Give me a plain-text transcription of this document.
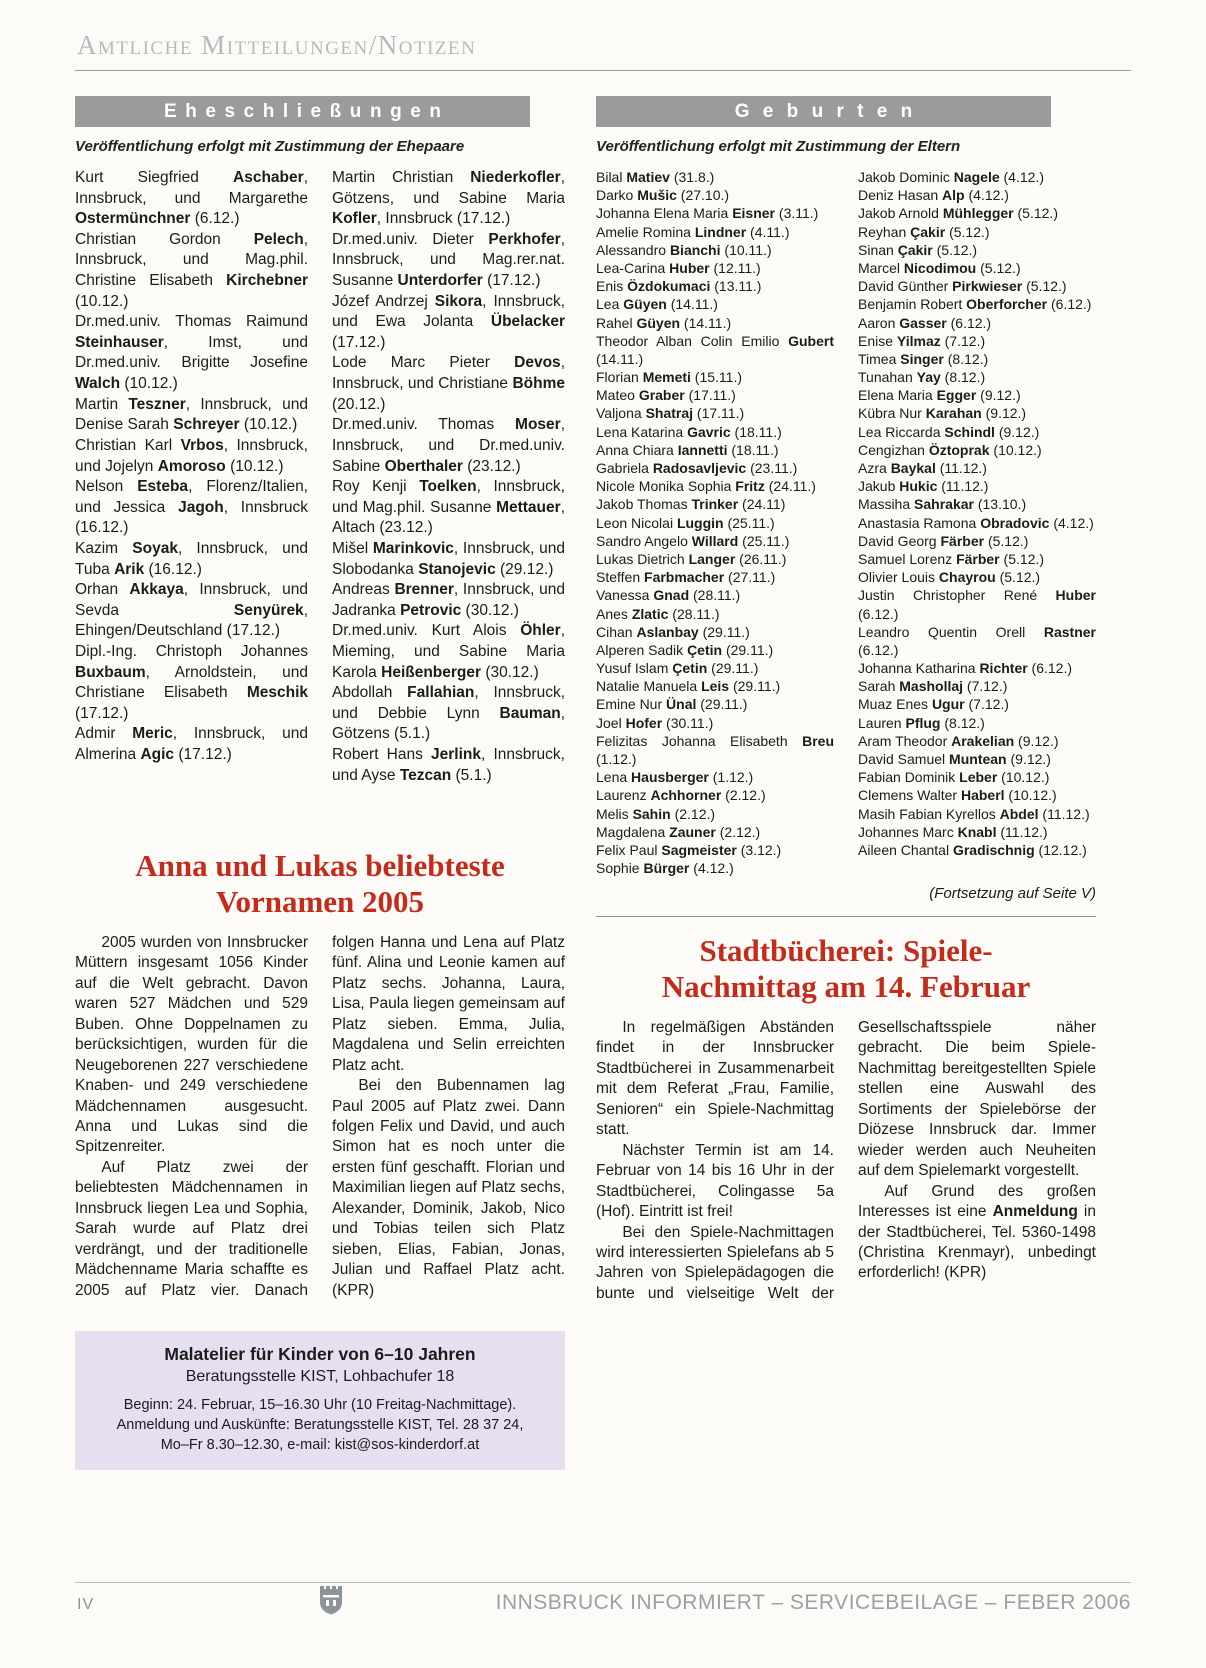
Amtliche Mitteilungen/Notizen
Eheschließungen

Veröffentlichung erfolgt mit Zustimmung der Ehepaare

Kurt Siegfried Aschaber, Innsbruck, und Margarethe Ostermünchner (6.12.)

Christian Gordon Pelech, Innsbruck, und Mag.phil. Christine Elisabeth Kirchebner (10.12.)

Dr.med.univ. Thomas Raimund Steinhauser, Imst, und Dr.med.univ. Brigitte Josefine Walch (10.12.)

Martin Teszner, Innsbruck, und Denise Sarah Schreyer (10.12.)

Christian Karl Vrbos, Innsbruck, und Jojelyn Amoroso (10.12.)

Nelson Esteba, Florenz/Italien, und Jessica Jagoh, Innsbruck (16.12.)

Kazim Soyak, Innsbruck, und Tuba Arik (16.12.)

Orhan Akkaya, Innsbruck, und Sevda Senyürek, Ehingen/Deutschland (17.12.)

Dipl.-Ing. Christoph Johannes Buxbaum, Arnoldstein, und Christiane Elisabeth Meschik (17.12.)

Admir Meric, Innsbruck, und Almerina Agic (17.12.)

Martin Christian Niederkofler, Götzens, und Sabine Maria Kofler, Innsbruck (17.12.)

Dr.med.univ. Dieter Perkhofer, Innsbruck, und Mag.rer.nat. Susanne Unterdorfer (17.12.)

Józef Andrzej Sikora, Innsbruck, und Ewa Jolanta Übelacker (17.12.)

Lode Marc Pieter Devos, Innsbruck, und Christiane Böhme (20.12.)

Dr.med.univ. Thomas Moser, Innsbruck, und Dr.med.univ. Sabine Oberthaler (23.12.)

Roy Kenji Toelken, Innsbruck, und Mag.phil. Susanne Mettauer, Altach (23.12.)

Mišel Marinkovic, Innsbruck, und Slobodanka Stanojevic (29.12.)

Andreas Brenner, Innsbruck, und Jadranka Petrovic (30.12.)

Dr.med.univ. Kurt Alois Öhler, Mieming, und Sabine Maria Karola Heißenberger (30.12.)

Abdollah Fallahian, Innsbruck, und Debbie Lynn Bauman, Götzens (5.1.)

Robert Hans Jerlink, Innsbruck, und Ayse Tezcan (5.1.)

Anna und Lukas beliebteste
Vornamen 2005

2005 wurden von Innsbrucker Müttern insgesamt 1056 Kinder auf die Welt gebracht. Davon waren 527 Mädchen und 529 Buben. Ohne Doppelnamen zu berücksichtigen, wurden für die Neugeborenen 227 verschiedene Knaben- und 249 verschiedene Mädchennamen ausgesucht. Anna und Lukas sind die Spitzenreiter.

Auf Platz zwei der beliebtesten Mädchennamen in Innsbruck liegen Lea und Sophia, Sarah wurde auf Platz drei verdrängt, und der traditionelle Mädchenname Maria schaffte es 2005 auf Platz vier. Danach folgen Hanna und Lena auf Platz fünf. Alina und Leonie kamen auf Platz sechs. Johanna, Laura, Lisa, Paula liegen gemeinsam auf Platz sieben. Emma, Julia, Magdalena und Selin erreichten Platz acht.

Bei den Bubennamen lag Paul 2005 auf Platz zwei. Dann folgen Felix und David, und auch Simon hat es noch unter die ersten fünf geschafft. Florian und Maximilian liegen auf Platz sechs, Alexander, Dominik, Jakob, Nico und Tobias teilen sich Platz sieben, Elias, Fabian, Jonas, Julian und Raffael Platz acht. (KPR)

Malatelier für Kinder von 6–10 Jahren

Beratungsstelle KIST, Lohbachufer 18

Beginn: 24. Februar, 15–16.30 Uhr (10 Freitag-Nachmittage).

Anmeldung und Auskünfte: Beratungsstelle KIST, Tel. 28 37 24,

Mo–Fr 8.30–12.30, e-mail: kist@sos-kinderdorf.at

Geburten

Veröffentlichung erfolgt mit Zustimmung der Eltern

Bilal Matiev (31.8.)

Darko Mušic (27.10.)

Johanna Elena Maria Eisner (3.11.)

Amelie Romina Lindner (4.11.)

Alessandro Bianchi (10.11.)

Lea-Carina Huber (12.11.)

Enis Özdokumaci (13.11.)

Lea Güyen (14.11.)

Rahel Güyen (14.11.)

Theodor Alban Colin Emilio Gubert (14.11.)

Florian Memeti (15.11.)

Mateo Graber (17.11.)

Valjona Shatraj (17.11.)

Lena Katarina Gavric (18.11.)

Anna Chiara Iannetti (18.11.)

Gabriela Radosavljevic (23.11.)

Nicole Monika Sophia Fritz (24.11.)

Jakob Thomas Trinker (24.11)

Leon Nicolai Luggin (25.11.)

Sandro Angelo Willard (25.11.)

Lukas Dietrich Langer (26.11.)

Steffen Farbmacher (27.11.)

Vanessa Gnad (28.11.)

Anes Zlatic (28.11.)

Cihan Aslanbay (29.11.)

Alperen Sadik Çetin (29.11.)

Yusuf Islam Çetin (29.11.)

Natalie Manuela Leis (29.11.)

Emine Nur Ünal (29.11.)

Joel Hofer (30.11.)

Felizitas Johanna Elisabeth Breu (1.12.)

Lena Hausberger (1.12.)

Laurenz Achhorner (2.12.)

Melis Sahin (2.12.)

Magdalena Zauner (2.12.)

Felix Paul Sagmeister (3.12.)

Sophie Bürger (4.12.)

Jakob Dominic Nagele (4.12.)

Deniz Hasan Alp (4.12.)

Jakob Arnold Mühlegger (5.12.)

Reyhan Çakir (5.12.)

Sinan Çakir (5.12.)

Marcel Nicodimou (5.12.)

David Günther Pirkwieser (5.12.)

Benjamin Robert Oberforcher (6.12.)

Aaron Gasser (6.12.)

Enise Yilmaz (7.12.)

Timea Singer (8.12.)

Tunahan Yay (8.12.)

Elena Maria Egger (9.12.)

Kübra Nur Karahan (9.12.)

Lea Riccarda Schindl (9.12.)

Cengizhan Öztoprak (10.12.)

Azra Baykal (11.12.)

Jakub Hukic (11.12.)

Massiha Sahrakar (13.10.)

Anastasia Ramona Obradovic (4.12.)

David Georg Färber (5.12.)

Samuel Lorenz Färber (5.12.)

Olivier Louis Chayrou (5.12.)

Justin Christopher René Huber (6.12.)

Leandro Quentin Orell Rastner (6.12.)

Johanna Katharina Richter (6.12.)

Sarah Mashollaj (7.12.)

Muaz Enes Ugur (7.12.)

Lauren Pflug (8.12.)

Aram Theodor Arakelian (9.12.)

David Samuel Muntean (9.12.)

Fabian Dominik Leber (10.12.)

Clemens Walter Haberl (10.12.)

Masih Fabian Kyrellos Abdel (11.12.)

Johannes Marc Knabl (11.12.)

Aileen Chantal Gradischnig (12.12.)

(Fortsetzung auf Seite V)

Stadtbücherei: Spiele-
Nachmittag am 14. Februar

In regelmäßigen Abständen findet in der Innsbrucker Stadtbücherei in Zusammenarbeit mit dem Referat „Frau, Familie, Senioren“ ein Spiele-Nachmittag statt.

Nächster Termin ist am 14. Februar von 14 bis 16 Uhr in der Stadtbücherei, Colingasse 5a (Hof). Eintritt ist frei!

Bei den Spiele-Nachmittagen wird interessierten Spielefans ab 5 Jahren von Spielepädagogen die bunte und vielseitige Welt der Gesellschaftsspiele näher gebracht. Die beim Spiele-Nachmittag bereitgestellten Spiele stellen eine Auswahl des Sortiments der Spielebörse der Diözese Innsbruck dar. Immer wieder werden auch Neuheiten auf dem Spielemarkt vorgestellt.

Auf Grund des großen Interesses ist eine Anmeldung in der Stadtbücherei, Tel. 5360-1498 (Christina Krenmayr), unbedingt erforderlich! (KPR)

IV	INNSBRUCK INFORMIERT – SERVICEBEILAGE – FEBER 2006
